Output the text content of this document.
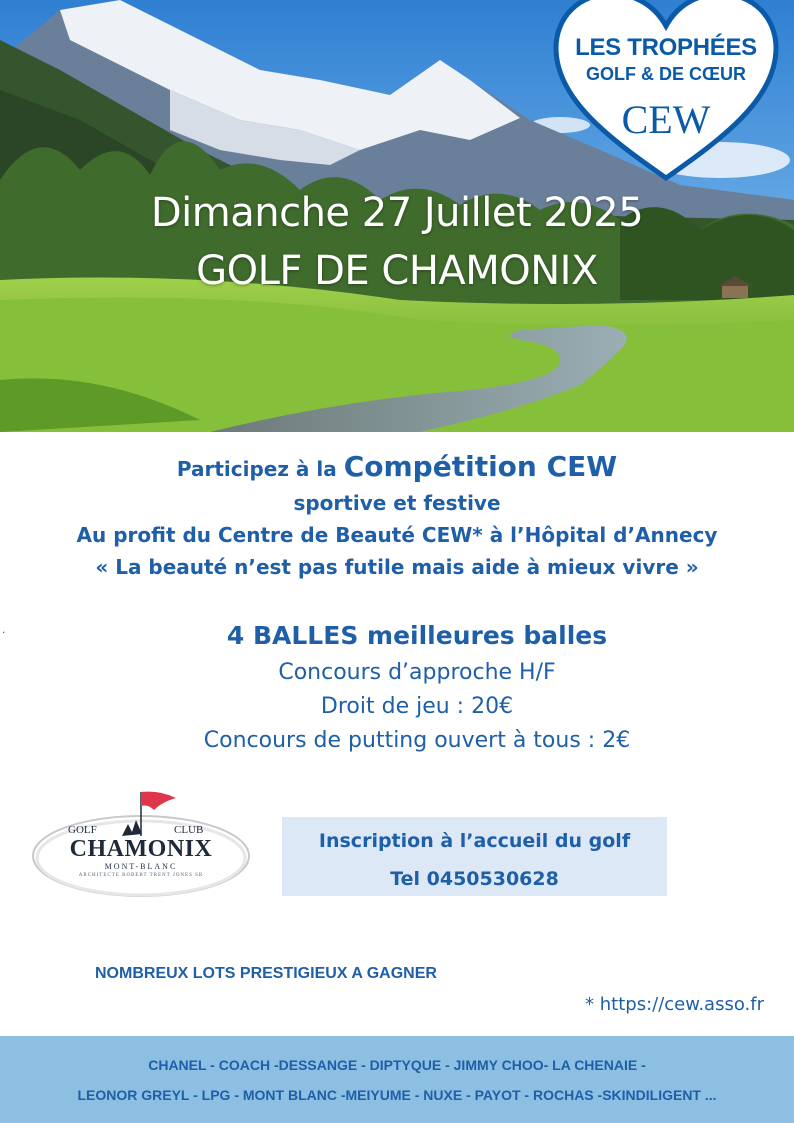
Dimanche 27 Juillet 2025
GOLF DE CHAMONIX
LES TROPHÉES
GOLF & DE CŒUR
CEW
Participez à la Compétition CEW
sportive et festive
Au profit du Centre de Beauté CEW* à l’Hôpital d’Annecy
« La beauté n’est pas futile mais aide à mieux vivre »
.	4 BALLES meilleures balles
Concours d’approche H/F
Droit de jeu : 20€
Concours de putting ouvert à tous : 2€
GOLF	CLUB
CHAMONIX
MONT-BLANC
ARCHITECTE ROBERT TRENT JONES SR
Inscription à l’accueil du golf
Tel 0450530628
NOMBREUX LOTS PRESTIGIEUX A GAGNER
* https://cew.asso.fr
CHANEL - COACH -DESSANGE - DIPTYQUE - JIMMY CHOO- LA CHENAIE -
LEONOR GREYL - LPG - MONT BLANC -MEIYUME - NUXE - PAYOT - ROCHAS -SKINDILIGENT ...
